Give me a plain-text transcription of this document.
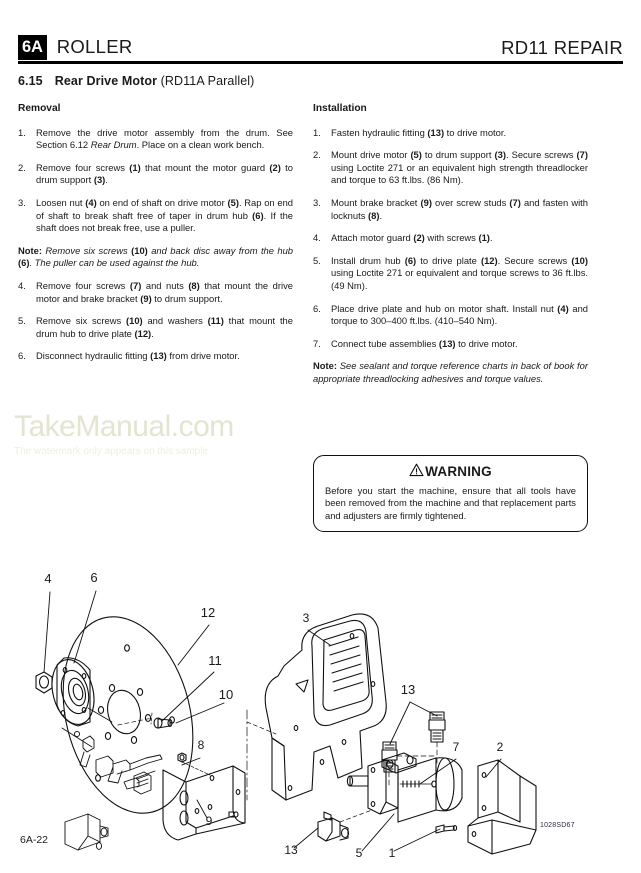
6A ROLLER	RD11 REPAIR
6.15 Rear Drive Motor (RD11A Parallel)
Removal
1. Remove the drive motor assembly from the drum. See Section 6.12 Rear Drum. Place on a clean work bench.
2. Remove four screws (1) that mount the motor guard (2) to drum support (3).
3. Loosen nut (4) on end of shaft on drive motor (5). Rap on end of shaft to break shaft free of taper in drum hub (6). If the shaft does not break free, use a puller.

Note: Remove six screws (10) and back disc away from the hub (6). The puller can be used against the hub.

4. Remove four screws (7) and nuts (8) that mount the drive motor and brake bracket (9) to drum support.
5. Remove six screws (10) and washers (11) that mount the drum hub to drive plate (12).
6. Disconnect hydraulic fitting (13) from drive motor.
Installation
1. Fasten hydraulic fitting (13) to drive motor.
2. Mount drive motor (5) to drum support (3). Secure screws (7) using Loctite 271 or an equivalent high strength threadlocker and torque to 63 ft.lbs. (86 Nm).
3. Mount brake bracket (9) over screw studs (7) and fasten with locknuts (8).
4. Attach motor guard (2) with screws (1).
5. Install drum hub (6) to drive plate (12). Secure screws (10) using Loctite 271 or equivalent and torque screws to 36 ft.lbs. (49 Nm).
6. Place drive plate and hub on motor shaft. Install nut (4) and torque to 300–400 ft.lbs. (410–540 Nm).
7. Connect tube assemblies (13) to drive motor.

Note: See sealant and torque reference charts in back of book for appropriate threadlocking adhesives and torque values.

WARNING
Before you start the machine, ensure that all tools have been removed from the machine and that replacement parts and adjusters are firmly tightened.
TakeManual.com
The watermark only appears on this sample
4	6
12
11
10
8
9
3
13
13
7	2
5 1
1028SD67
6A-22
